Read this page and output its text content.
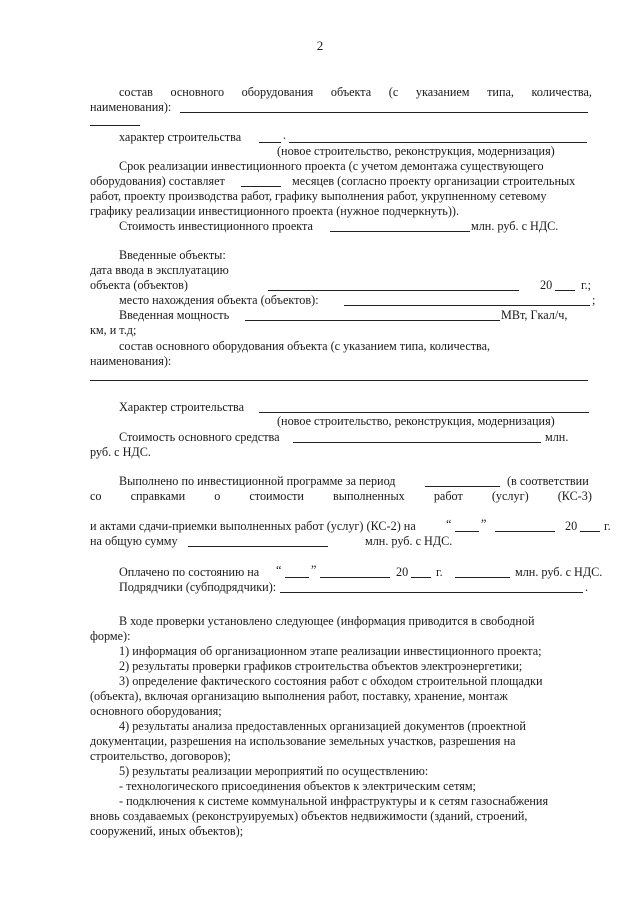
2
состав основного оборудования объекта (с указанием типа, количества,
наименования):
характер строительства	.
(новое строительство, реконструкция, модернизация)
Срок реализации инвестиционного проекта (с учетом демонтажа существующего
оборудования) составляет	месяцев (согласно проекту организации строительных
работ, проекту производства работ, графику выполнения работ, укрупненному сетевому
графику реализации инвестиционного проекта (нужное подчеркнуть)).
Стоимость инвестиционного проекта	млн. руб. с НДС.
Введенные объекты:
дата ввода в эксплуатацию
объекта (объектов)	20 г.;
место нахождения объекта (объектов):	;
Введенная мощность	МВт, Гкал/ч,
км, и т.д;
состав основного оборудования объекта (с указанием типа, количества,
наименования):
Характер строительства
(новое строительство, реконструкция, модернизация)
Стоимость основного средства	млн.
руб. с НДС.
Выполнено по инвестиционной программе за период	(в соответствии
со справками о стоимости выполненных работ (услуг) (КС-3)
и актами сдачи-приемки выполненных работ (услуг) (КС-2) на “ ”	20 г.
на общую сумму	млн. руб. с НДС.
Оплачено по состоянию на “ ”	20 г.	млн. руб. с НДС.
Подрядчики (субподрядчики):	.
В ходе проверки установлено следующее (информация приводится в свободной
форме):
1) информация об организационном этапе реализации инвестиционного проекта;
2) результаты проверки графиков строительства объектов электроэнергетики;
3) определение фактического состояния работ с обходом строительной площадки
(объекта), включая организацию выполнения работ, поставку, хранение, монтаж
основного оборудования;
4) результаты анализа предоставленных организацией документов (проектной
документации, разрешения на использование земельных участков, разрешения на
строительство, договоров);
5) результаты реализации мероприятий по осуществлению:
- технологического присоединения объектов к электрическим сетям;
- подключения к системе коммунальной инфраструктуры и к сетям газоснабжения
вновь создаваемых (реконструируемых) объектов недвижимости (зданий, строений,
сооружений, иных объектов);
